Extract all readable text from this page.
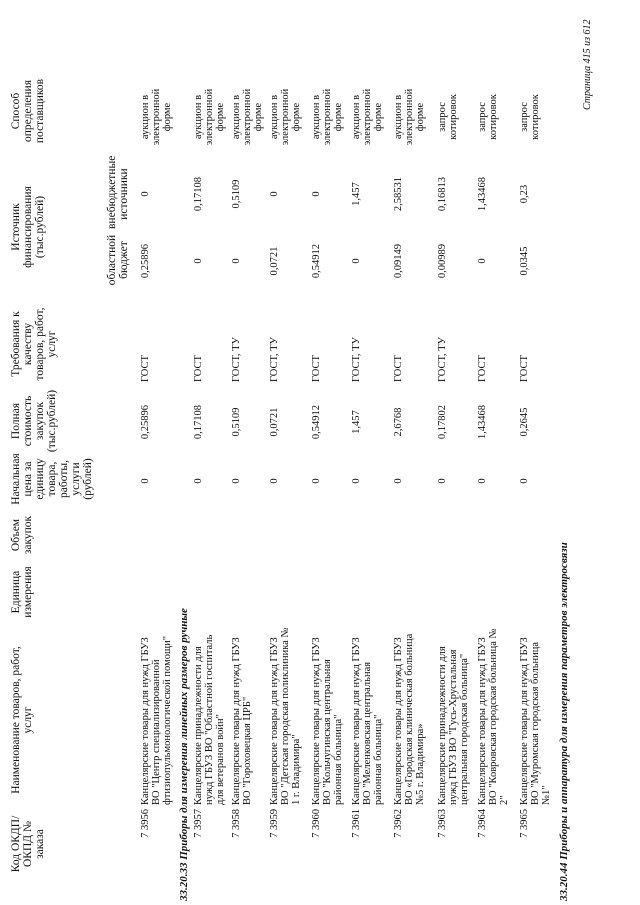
Код ОКДП/ ОКПД № заказа
Наименование товаров, работ, услуг
Единица измерения
Объем закупок
Начальная цена за единицу товара, работы, услуги (рублей)
Полная стоимость закупок (тыс.рублей)
Требования к качеству товаров, работ, услуг
Источник финансирования (тыс.рублей)
областной бюджет
внебюджетные источники
Способ определения поставщиков
7 3956
Канцелярские товары для нужд ГБУЗ ВО "Центр специализированной фтизиопульмонологической помощи"
0
0,25896
ГОСТ
0,25896
0
аукцион в электронной форме
33.20.33 Приборы для измерения линейных размеров ручные 7 3957
Канцелярские принадлежности для нужд ГБУЗ ВО "Областной госпиталь для ветеранов войн"
0
0,17108
ГОСТ
0
0,17108
аукцион в электронной форме
7 3958
Канцелярские товары для нужд ГБУЗ ВО "Гороховецкая ЦРБ"
0
0,5109
ГОСТ, ТУ
0
0,5109
аукцион в электронной форме
7 3959
Канцелярские товары для нужд ГБУЗ ВО "Детская городская поликлиника № 1 г. Владимира"
0
0,0721
ГОСТ, ТУ
0,0721
0
аукцион в электронной форме
7 3960
Канцелярские товары для нужд ГБУЗ ВО "Кольчугинская центральная районная больница"
0
0,54912
ГОСТ
0,54912
0
аукцион в электронной форме
7 3961
Канцелярские товары для нужд ГБУЗ ВО "Меленковская центральная районная больница"
0
1,457
ГОСТ, ТУ
0
1,457
аукцион в электронной форме
7 3962
Канцелярские товары для нужд ГБУЗ ВО «Городская клиническая больница №5 г. Владимира»
0
2,6768
ГОСТ
0,09149
2,58531
аукцион в электронной форме
7 3963
Канцелярские принадлежности для нужд ГБУЗ ВО "Гусь-Хрустальная центральная городская больница"
0
0,17802
ГОСТ, ТУ
0,00989
0,16813
запрос котировок
7 3964
Канцелярские товары для нужд ГБУЗ ВО "Ковровская городская больница № 2"
0
1,43468
ГОСТ
0
1,43468
запрос котировок
7 3965
Канцелярские товары для нужд ГБУЗ ВО "Муромская городская больница №1"
0
0,2645
ГОСТ
0,0345
0,23
запрос котировок
33.20.44 Приборы и аппаратура для измерения параметров электросвязи
Страница 415 из 612
